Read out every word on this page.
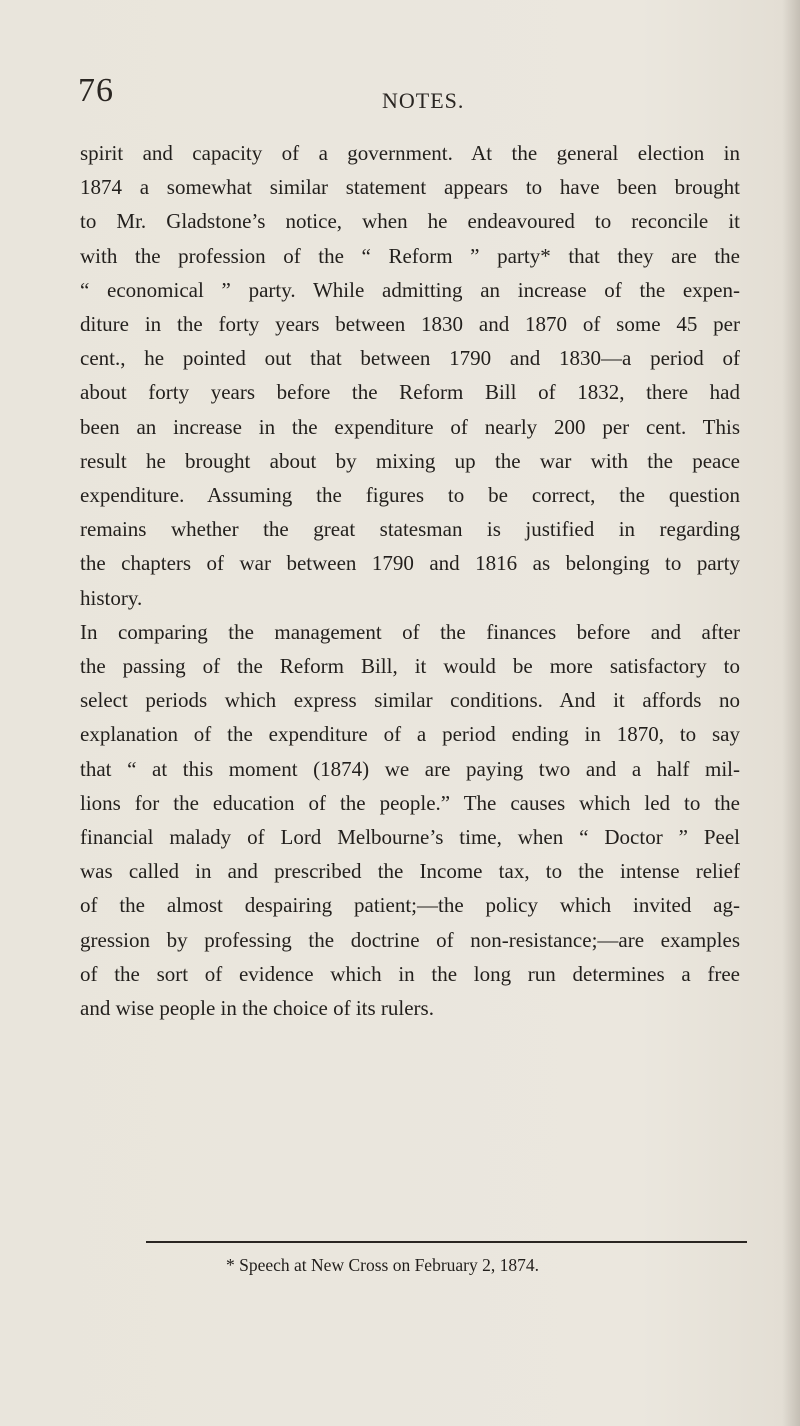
76	NOTES.
spirit and capacity of a government. At the general election in
1874 a somewhat similar statement appears to have been brought
to Mr. Gladstone’s notice, when he endeavoured to reconcile it
with the profession of the “ Reform ” party* that they are the
“ economical ” party. While admitting an increase of the expen-
diture in the forty years between 1830 and 1870 of some 45 per
cent., he pointed out that between 1790 and 1830—a period of
about forty years before the Reform Bill of 1832, there had
been an increase in the expenditure of nearly 200 per cent. This
result he brought about by mixing up the war with the peace
expenditure. Assuming the figures to be correct, the question
remains whether the great statesman is justified in regarding
the chapters of war between 1790 and 1816 as belonging to party
history.
In comparing the management of the finances before and after
the passing of the Reform Bill, it would be more satisfactory to
select periods which express similar conditions. And it affords no
explanation of the expenditure of a period ending in 1870, to say
that “ at this moment (1874) we are paying two and a half mil-
lions for the education of the people.” The causes which led to the
financial malady of Lord Melbourne’s time, when “ Doctor ” Peel
was called in and prescribed the Income tax, to the intense relief
of the almost despairing patient;—the policy which invited ag-
gression by professing the doctrine of non-resistance;—are examples
of the sort of evidence which in the long run determines a free
and wise people in the choice of its rulers.
* Speech at New Cross on February 2, 1874.
